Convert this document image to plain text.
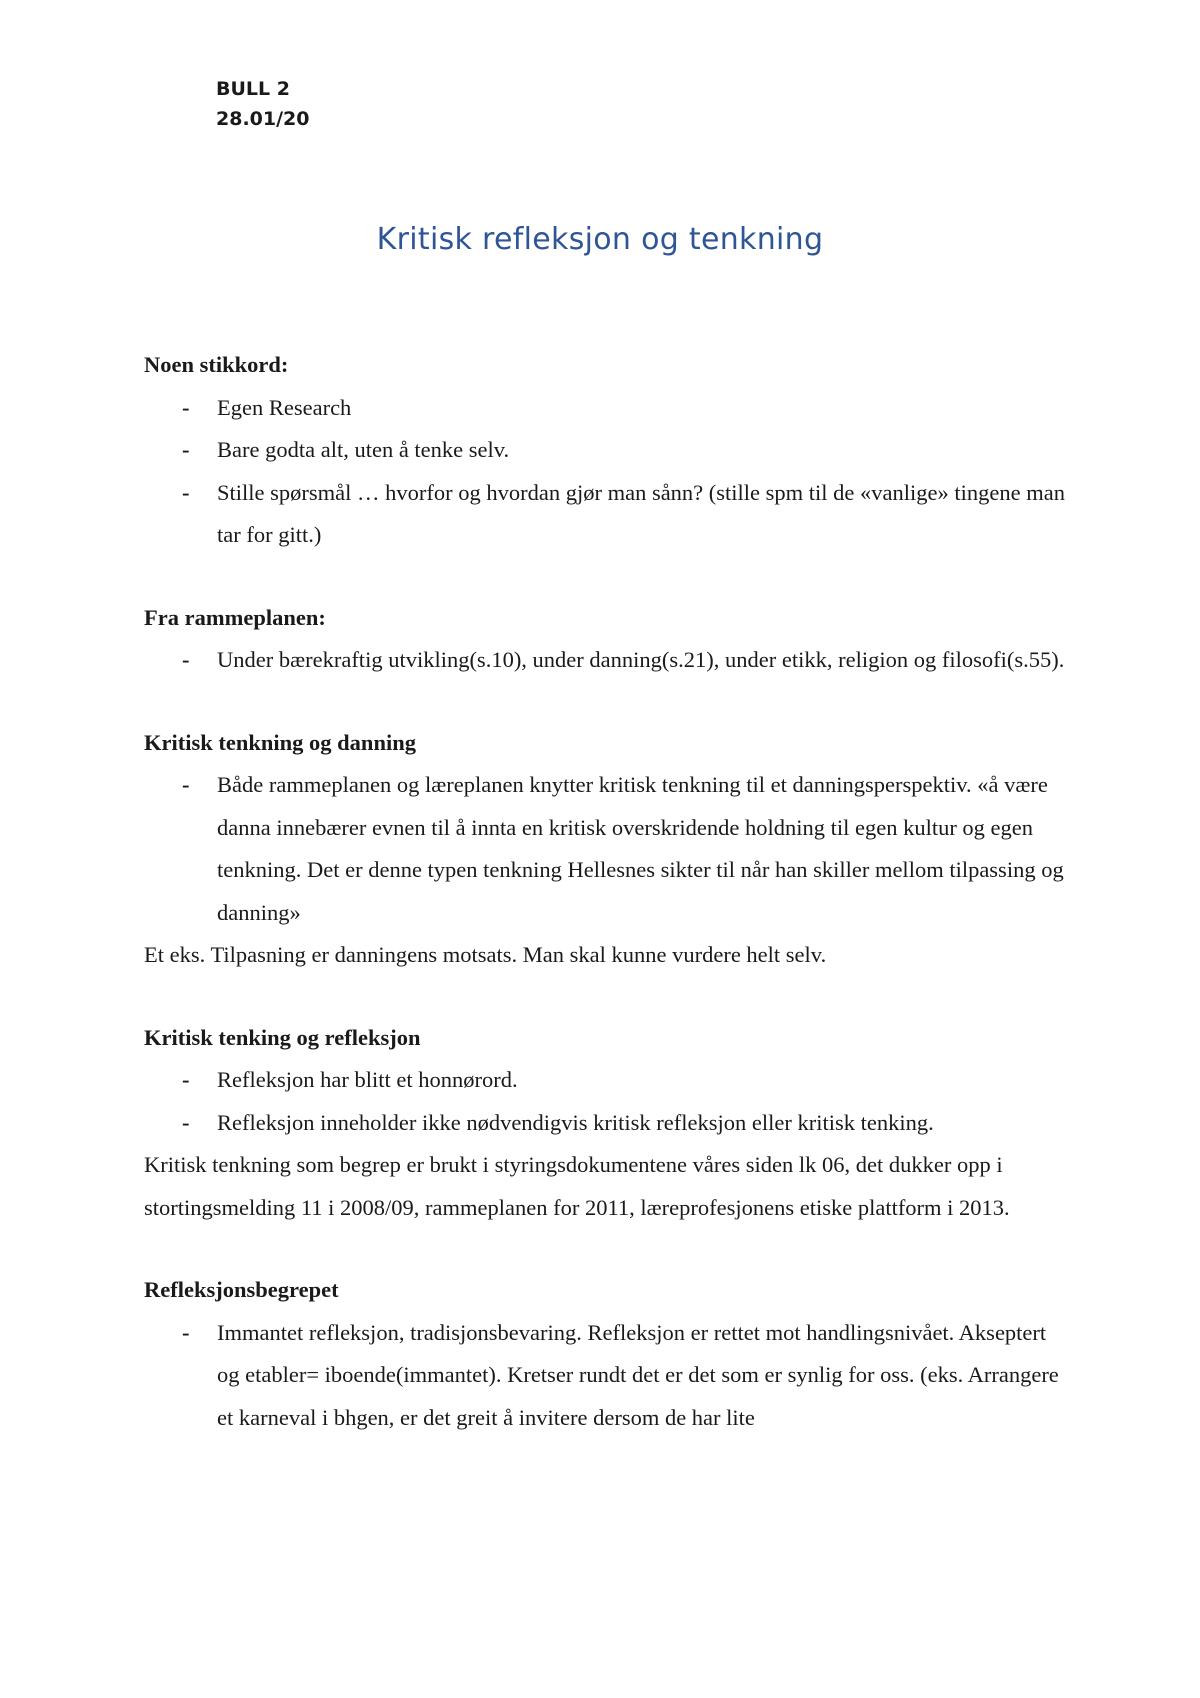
BULL 2
28.01/20
Kritisk refleksjon og tenkning

Noen stikkord:

- Egen Research
- Bare godta alt, uten å tenke selv.
- Stille spørsmål … hvorfor og hvordan gjør man sånn? (stille spm til de «vanlige» tingene man tar for gitt.)

Fra rammeplanen:

- Under bærekraftig utvikling(s.10), under danning(s.21), under etikk, religion og filosofi(s.55).

Kritisk tenkning og danning

- Både rammeplanen og læreplanen knytter kritisk tenkning til et danningsperspektiv. «å være danna innebærer evnen til å innta en kritisk overskridende holdning til egen kultur og egen tenkning. Det er denne typen tenkning Hellesnes sikter til når han skiller mellom tilpassing og danning»

Et eks. Tilpasning er danningens motsats. Man skal kunne vurdere helt selv.

Kritisk tenking og refleksjon

- Refleksjon har blitt et honnørord.
- Refleksjon inneholder ikke nødvendigvis kritisk refleksjon eller kritisk tenking.

Kritisk tenkning som begrep er brukt i styringsdokumentene våres siden lk 06, det dukker opp i stortingsmelding 11 i 2008/09, rammeplanen for 2011, læreprofesjonens etiske plattform i 2013.

Refleksjonsbegrepet

- Immantet refleksjon, tradisjonsbevaring. Refleksjon er rettet mot handlingsnivået. Akseptert og etabler= iboende(immantet). Kretser rundt det er det som er synlig for oss. (eks. Arrangere et karneval i bhgen, er det greit å invitere dersom de har lite
